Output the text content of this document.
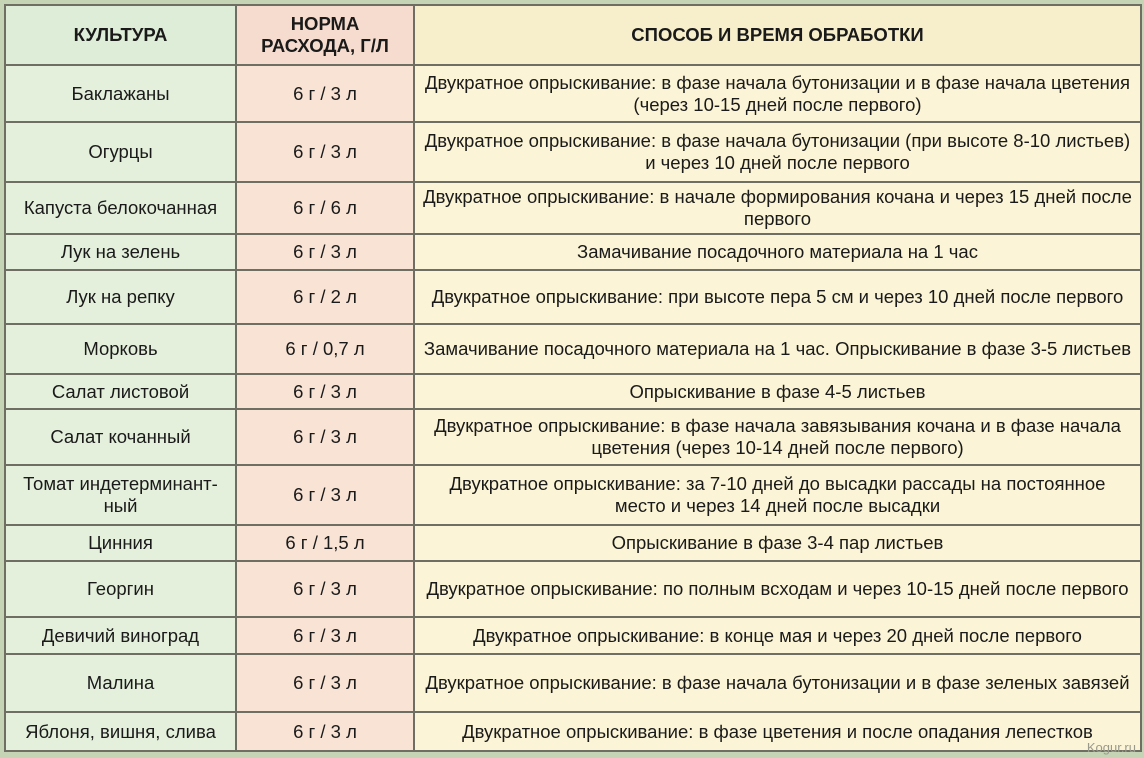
КУЛЬТУРА	НОРМА РАСХОДА, Г/Л	СПОСОБ И ВРЕМЯ ОБРАБОТКИ
Баклажаны	6 г / 3 л	Двукратное опрыскивание: в фазе начала бутонизации и в фазе начала цветения (через 10-15 дней после первого)
Огурцы	6 г / 3 л	Двукратное опрыскивание: в фазе начала бутонизации (при высоте 8-10 листьев) и через 10 дней после первого
Капуста белокочанная	6 г / 6 л	Двукратное опрыскивание: в начале формирования кочана и через 15 дней после первого
Лук на зелень	6 г / 3 л	Замачивание посадочного материала на 1 час
Лук на репку	6 г / 2 л	Двукратное опрыскивание: при высоте пера 5 см и через 10 дней после первого
Морковь	6 г / 0,7 л	Замачивание посадочного материала на 1 час. Опрыскивание в фазе 3-5 листьев
Салат листовой	6 г / 3 л	Опрыскивание в фазе 4-5 листьев
Салат кочанный	6 г / 3 л	Двукратное опрыскивание: в фазе начала завязывания кочана и в фазе начала цветения (через 10-14 дней после первого)
Томат индетерминант-ный	6 г / 3 л	Двукратное опрыскивание: за 7-10 дней до высадки рассады на постоянное место и через 14 дней после высадки
Цинния	6 г / 1,5 л	Опрыскивание в фазе 3-4 пар листьев
Георгин	6 г / 3 л	Двукратное опрыскивание: по полным всходам и через 10-15 дней после первого
Девичий виноград	6 г / 3 л	Двукратное опрыскивание: в конце мая и через 20 дней после первого
Малина	6 г / 3 л	Двукратное опрыскивание: в фазе начала бутонизации и в фазе зеленых завязей
Яблоня, вишня, слива	6 г / 3 л	Двукратное опрыскивание: в фазе цветения и после опадания лепестков
Kogur.ru
